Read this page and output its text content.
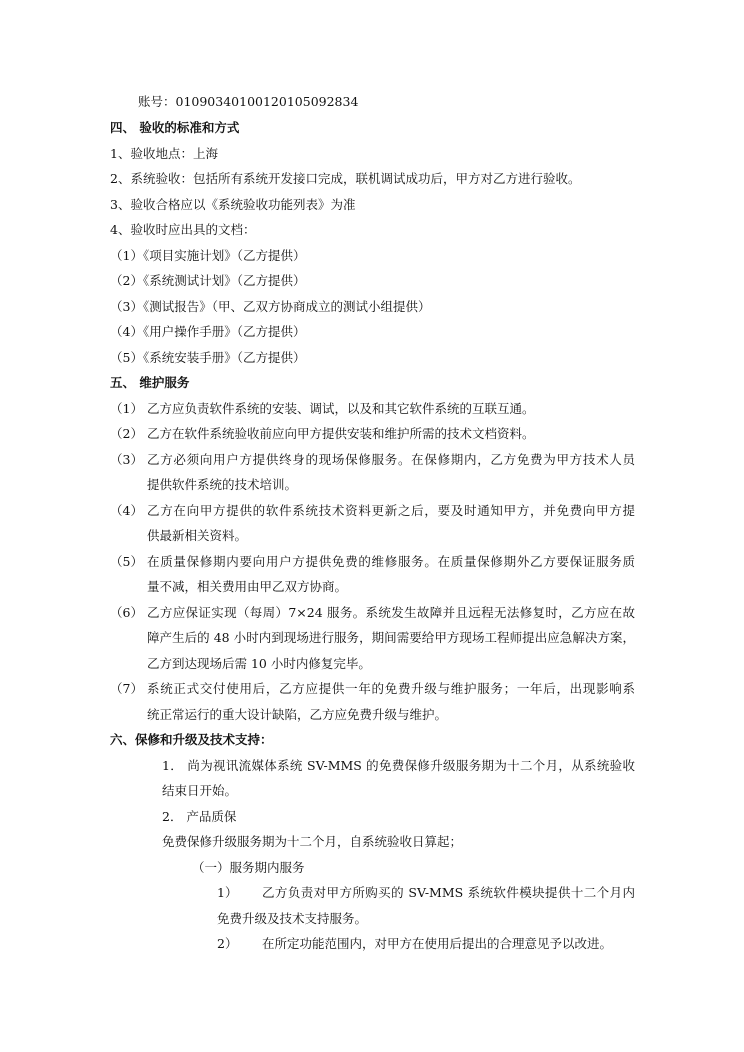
账号：01090340100120105092834
四、 验收的标准和方式
1、验收地点：上海
2、系统验收：包括所有系统开发接口完成，联机调试成功后，甲方对乙方进行验收。
3、验收合格应以《系统验收功能列表》为准
4、验收时应出具的文档：
（1）《项目实施计划》（乙方提供）
（2）《系统测试计划》（乙方提供）
（3）《测试报告》（甲、乙双方协商成立的测试小组提供）
（4）《用户操作手册》（乙方提供）
（5）《系统安装手册》（乙方提供）
五、 维护服务
（1） 乙方应负责软件系统的安装、调试，以及和其它软件系统的互联互通。
（2） 乙方在软件系统验收前应向甲方提供安装和维护所需的技术文档资料。
（3） 乙方必须向用户方提供终身的现场保修服务。在保修期内，乙方免费为甲方技术人员
提供软件系统的技术培训。
（4） 乙方在向甲方提供的软件系统技术资料更新之后，要及时通知甲方，并免费向甲方提
供最新相关资料。
（5） 在质量保修期内要向用户方提供免费的维修服务。在质量保修期外乙方要保证服务质
量不减，相关费用由甲乙双方协商。
（6） 乙方应保证实现（每周）7×24 服务。系统发生故障并且远程无法修复时，乙方应在故
障产生后的 48 小时内到现场进行服务，期间需要给甲方现场工程师提出应急解决方案，
乙方到达现场后需 10 小时内修复完毕。
（7） 系统正式交付使用后，乙方应提供一年的免费升级与维护服务；一年后，出现影响系
统正常运行的重大设计缺陷，乙方应免费升级与维护。
六、保修和升级及技术支持：
1． 尚为视讯流媒体系统 SV-MMS 的免费保修升级服务期为十二个月，从系统验收
结束日开始。
2． 产品质保
免费保修升级服务期为十二个月，自系统验收日算起；
（一）服务期内服务
1） 乙方负责对甲方所购买的 SV-MMS 系统软件模块提供十二个月内
免费升级及技术支持服务。
2） 在所定功能范围内，对甲方在使用后提出的合理意见予以改进。
